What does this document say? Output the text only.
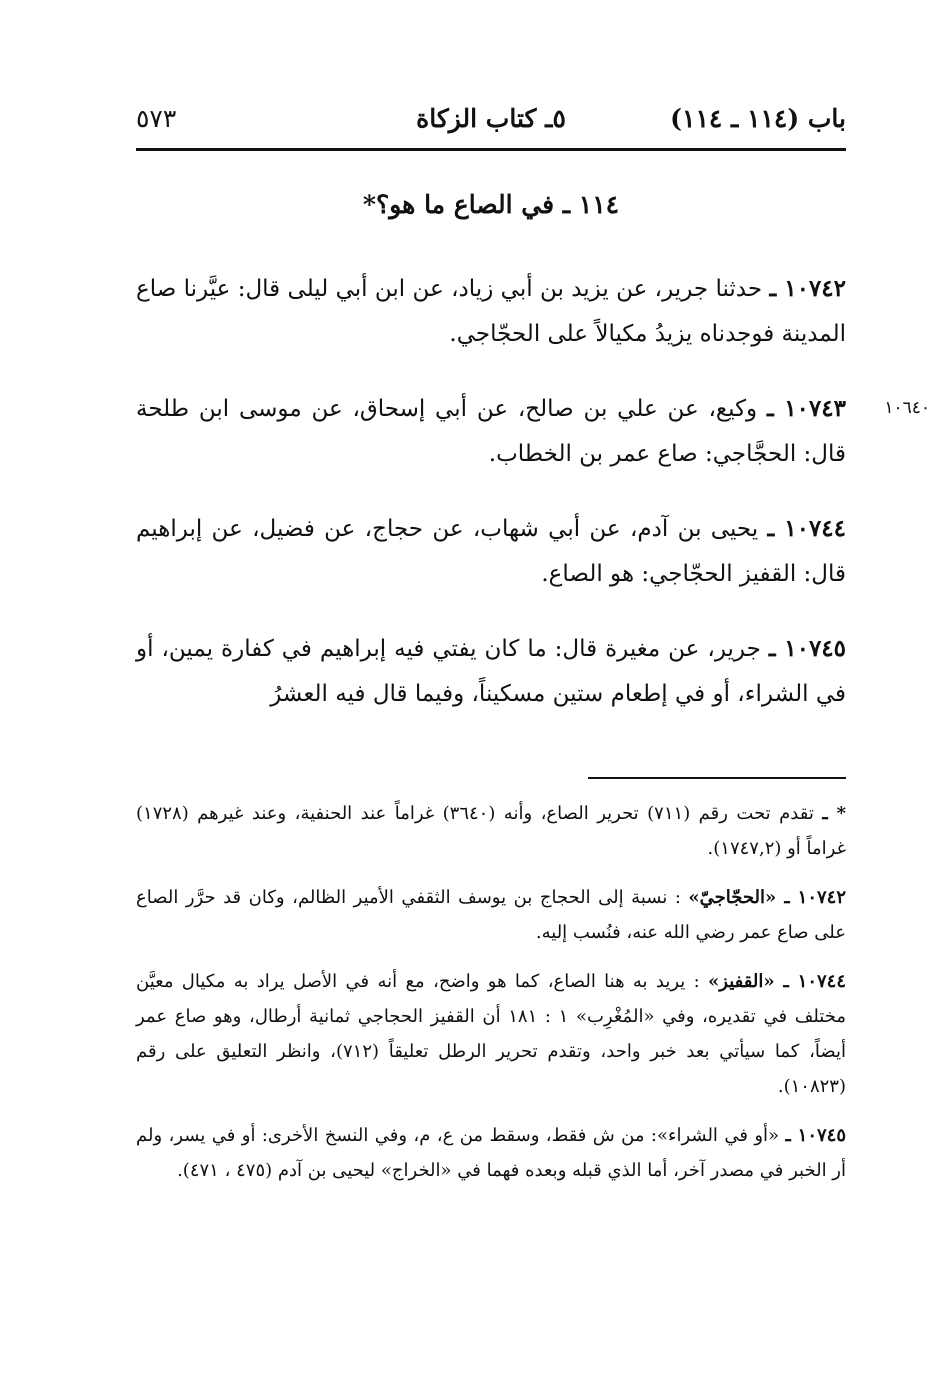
باب (١١٤ ـ ١١٤)
٥ـ كتاب الزكاة
٥٧٣
١١٤ ـ في الصاع ما هو؟*

١٠٧٤٢ ـ حدثنا جرير، عن يزيد بن أبي زياد، عن ابن أبي ليلى قال: عيَّرنا صاع المدينة فوجدناه يزيدُ مكيالاً على الحجّاجي.

١٠٧٤٣ ـ وكيع، عن علي بن صالح، عن أبي إسحاق، عن موسى ابن طلحة قال: الحجَّاجي: صاع عمر بن الخطاب.

١٠٧٤٤ ـ يحيى بن آدم، عن أبي شهاب، عن حجاج، عن فضيل، عن إبراهيم قال: القفيز الحجّاجي: هو الصاع.

١٠٧٤٥ ـ جرير، عن مغيرة قال: ما كان يفتي فيه إبراهيم في كفارة يمين، أو في الشراء، أو في إطعام ستين مسكيناً، وفيما قال فيه العشرُ

١٠٦٤٠

* ـ تقدم تحت رقم (٧١١) تحرير الصاع، وأنه (٣٦٤٠) غراماً عند الحنفية، وعند غيرهم (١٧٢٨) غراماً أو (١٧٤٧,٢).

١٠٧٤٢ ـ «الحجّاجيّ» : نسبة إلى الحجاج بن يوسف الثقفي الأمير الظالم، وكان قد حرَّر الصاع على صاع عمر رضي الله عنه، فنُسب إليه.

١٠٧٤٤ ـ «القفيز» : يريد به هنا الصاع، كما هو واضح، مع أنه في الأصل يراد به مكيال معيَّن مختلف في تقديره، وفي «المُغْرِب» ١ : ١٨١ أن القفيز الحجاجي ثمانية أرطال، وهو صاع عمر أيضاً، كما سيأتي بعد خبر واحد، وتقدم تحرير الرطل تعليقاً (٧١٢)، وانظر التعليق على رقم (١٠٨٢٣).

١٠٧٤٥ ـ «أو في الشراء»: من ش فقط، وسقط من ع، م، وفي النسخ الأخرى: أو في يسر، ولم أر الخبر في مصدر آخر، أما الذي قبله وبعده فهما في «الخراج» ليحيى بن آدم (٤٧٥ ، ٤٧١).
